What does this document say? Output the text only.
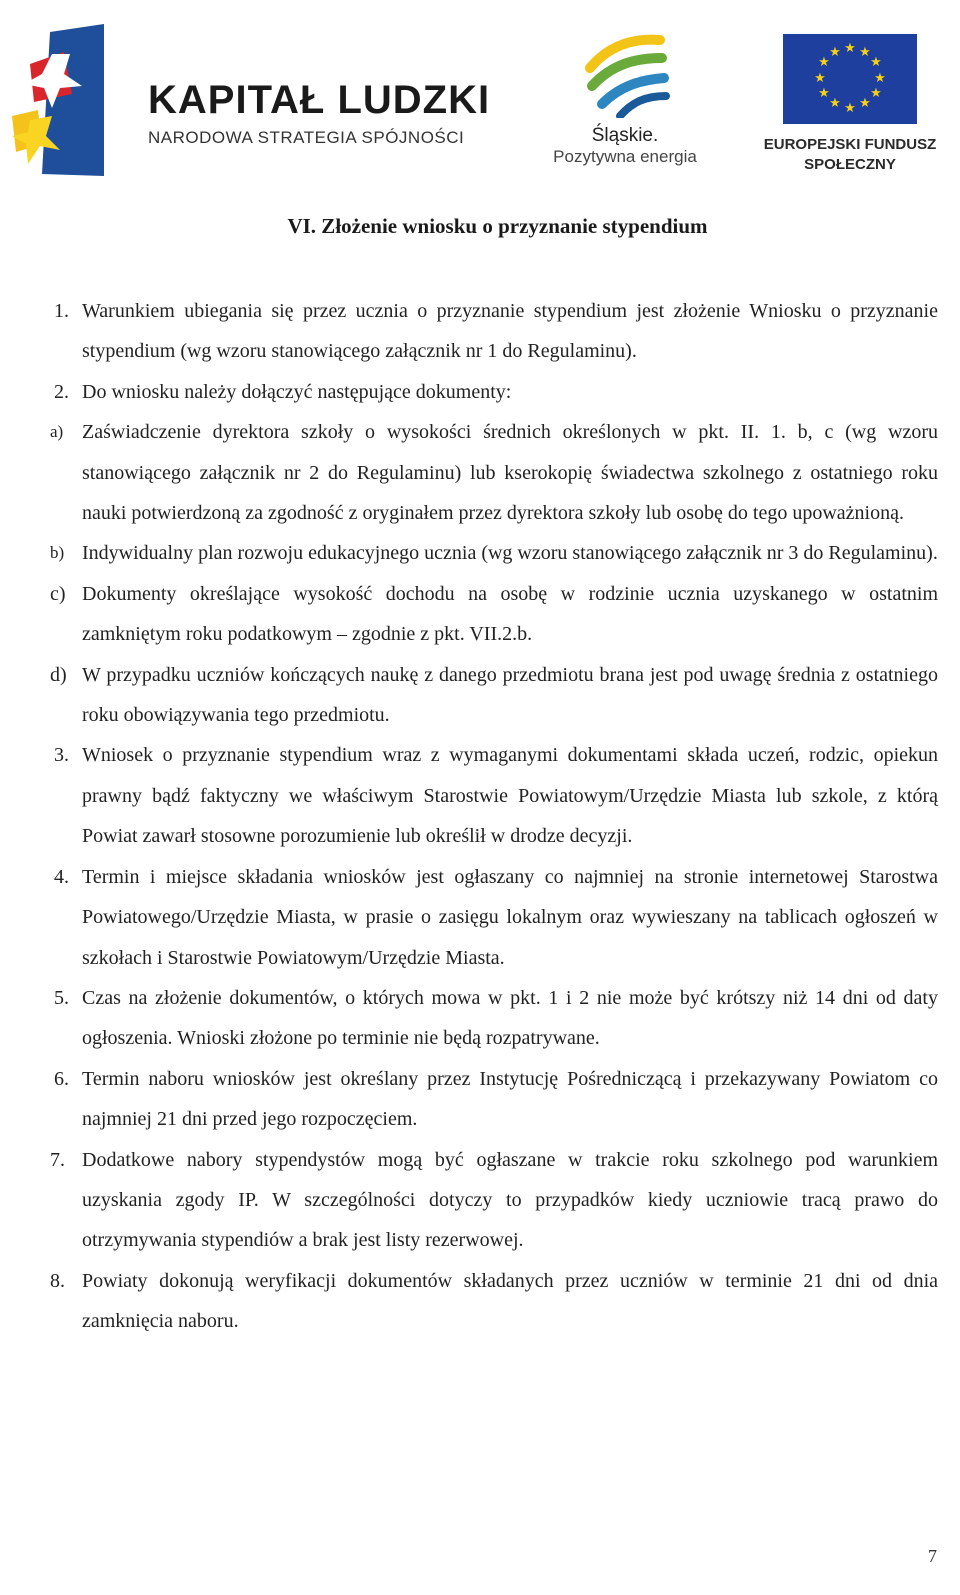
KAPITAŁ LUDZKI
NARODOWA STRATEGIA SPÓJNOŚCI	Śląskie.
Pozytywna energia
★ ★
★
★
★
★
★
★
★
★
★
★
EUROPEJSKI FUNDUSZ
SPOŁECZNY
VI. Złożenie wniosku o przyznanie stypendium
1. Warunkiem ubiegania się przez ucznia o przyznanie stypendium jest złożenie Wniosku o przyznanie stypendium (wg wzoru stanowiącego załącznik nr 1 do Regulaminu).
2. Do wniosku należy dołączyć następujące dokumenty:
a) Zaświadczenie dyrektora szkoły o wysokości średnich określonych w pkt. II. 1. b, c (wg wzoru stanowiącego załącznik nr 2 do Regulaminu) lub kserokopię świadectwa szkolnego z ostatniego roku nauki potwierdzoną za zgodność z oryginałem przez dyrektora szkoły lub osobę do tego upoważnioną.
b) Indywidualny plan rozwoju edukacyjnego ucznia (wg wzoru stanowiącego załącznik nr 3 do Regulaminu).
c) Dokumenty określające wysokość dochodu na osobę w rodzinie ucznia uzyskanego w ostatnim zamkniętym roku podatkowym – zgodnie z pkt. VII.2.b.
d) W przypadku uczniów kończących naukę z danego przedmiotu brana jest pod uwagę średnia z ostatniego roku obowiązywania tego przedmiotu.
3. Wniosek o przyznanie stypendium wraz z wymaganymi dokumentami składa uczeń, rodzic, opiekun prawny bądź faktyczny we właściwym Starostwie Powiatowym/Urzędzie Miasta lub szkole, z którą Powiat zawarł stosowne porozumienie lub określił w drodze decyzji.
4. Termin i miejsce składania wniosków jest ogłaszany co najmniej na stronie internetowej Starostwa Powiatowego/Urzędzie Miasta, w prasie o zasięgu lokalnym oraz wywieszany na tablicach ogłoszeń w szkołach i Starostwie Powiatowym/Urzędzie Miasta.
5. Czas na złożenie dokumentów, o których mowa w pkt. 1 i 2 nie może być krótszy niż 14 dni od daty ogłoszenia. Wnioski złożone po terminie nie będą rozpatrywane.
6. Termin naboru wniosków jest określany przez Instytucję Pośredniczącą i przekazywany Powiatom co najmniej 21 dni przed jego rozpoczęciem.
7. Dodatkowe nabory stypendystów mogą być ogłaszane w trakcie roku szkolnego pod warunkiem uzyskania zgody IP. W szczególności dotyczy to przypadków kiedy uczniowie tracą prawo do otrzymywania stypendiów a brak jest listy rezerwowej.
8. Powiaty dokonują weryfikacji dokumentów składanych przez uczniów w terminie 21 dni od dnia zamknięcia naboru.
7
